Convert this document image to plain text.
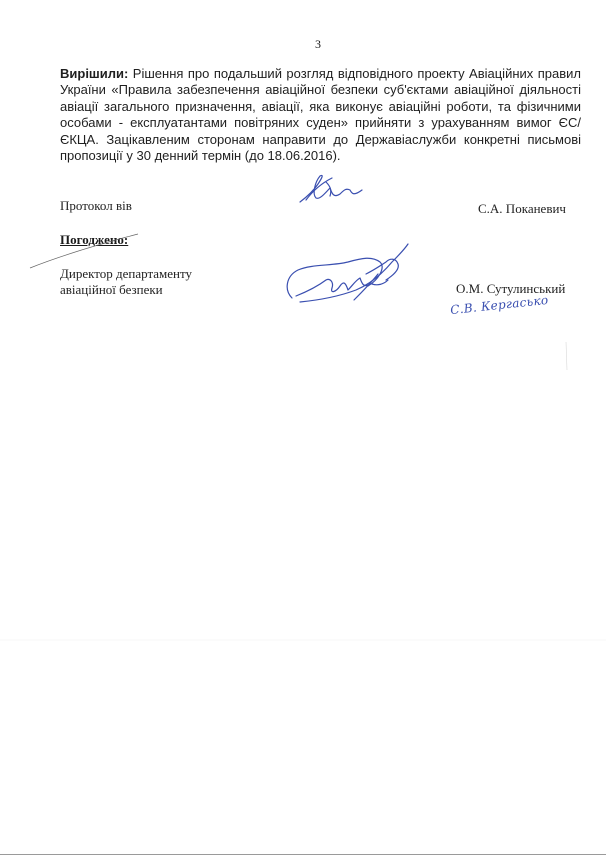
3
Вирішили: Рішення про подальший розгляд відповідного проекту Авіаційних правил України «Правила забезпечення авіаційної безпеки суб'єктами авіаційної діяльності авіації загального призначення, авіації, яка виконує авіаційні роботи, та фізичними особами - експлуатантами повітряних суден» прийняти з урахуванням вимог ЄС/ЄКЦА. Зацікавленим сторонам направити до Державіаслужби конкретні письмові пропозиції у 30 денний термін (до 18.06.2016).
Протокол вів	С.А. Поканевич
Погоджено:
Директор департаменту
авіаційної безпеки	О.М. Сутулинський
С.В. Кергасько
